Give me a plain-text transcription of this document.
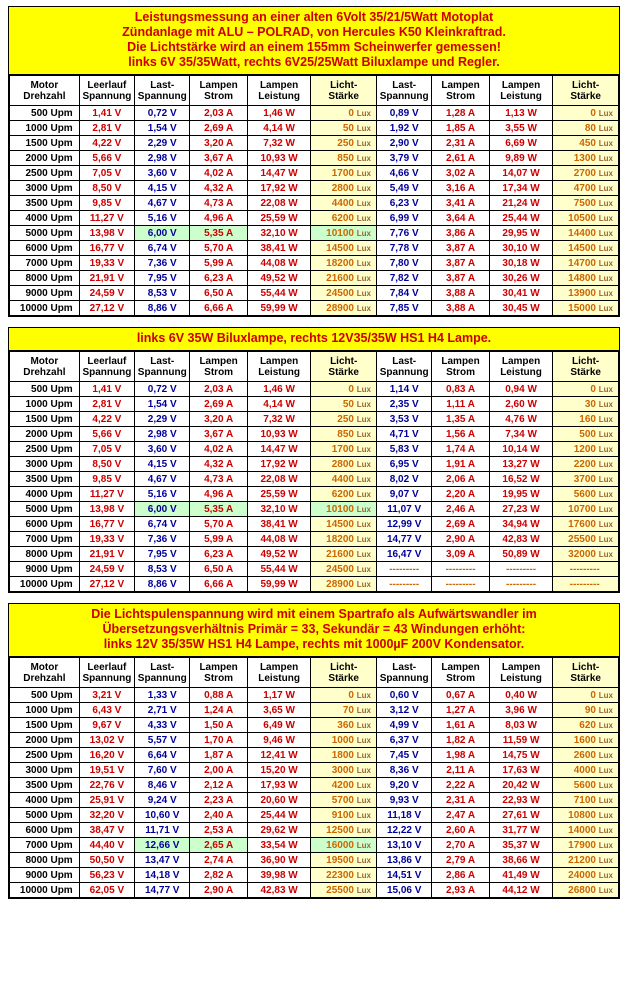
Leistungsmessung an einer alten 6Volt 35/21/5Watt Motoplat
Zündanlage mit ALU – POLRAD, von Hercules K50 Kleinkraftrad.
Die Lichtstärke wird an einem 155mm Scheinwerfer gemessen!
links 6V 35/35Watt, rechts 6V25/25Watt Biluxlampe und Regler.
Motor
Drehzahl

Leerlauf
Spannung

Last-
Spannung

Lampen
Strom

Lampen
Leistung

Licht-
Stärke

Last-
Spannung

Lampen
Strom

Lampen
Leistung

Licht-
Stärke

500 Upm	1,41 V	0,72 V	2,03 A	1,46 W	0 Lux	0,89 V	1,28 A	1,13 W	0 Lux
1000 Upm	2,81 V	1,54 V	2,69 A	4,14 W	50 Lux	1,92 V	1,85 A	3,55 W	80 Lux
1500 Upm	4,22 V	2,29 V	3,20 A	7,32 W	250 Lux	2,90 V	2,31 A	6,69 W	450 Lux
2000 Upm	5,66 V	2,98 V	3,67 A	10,93 W	850 Lux	3,79 V	2,61 A	9,89 W	1300 Lux
2500 Upm	7,05 V	3,60 V	4,02 A	14,47 W	1700 Lux	4,66 V	3,02 A	14,07 W	2700 Lux
3000 Upm	8,50 V	4,15 V	4,32 A	17,92 W	2800 Lux	5,49 V	3,16 A	17,34 W	4700 Lux
3500 Upm	9,85 V	4,67 V	4,73 A	22,08 W	4400 Lux	6,23 V	3,41 A	21,24 W	7500 Lux
4000 Upm	11,27 V	5,16 V	4,96 A	25,59 W	6200 Lux	6,99 V	3,64 A	25,44 W	10500 Lux
5000 Upm	13,98 V	6,00 V	5,35 A	32,10 W	10100 Lux	7,76 V	3,86 A	29,95 W	14400 Lux
6000 Upm	16,77 V	6,74 V	5,70 A	38,41 W	14500 Lux	7,78 V	3,87 A	30,10 W	14500 Lux
7000 Upm	19,33 V	7,36 V	5,99 A	44,08 W	18200 Lux	7,80 V	3,87 A	30,18 W	14700 Lux
8000 Upm	21,91 V	7,95 V	6,23 A	49,52 W	21600 Lux	7,82 V	3,87 A	30,26 W	14800 Lux
9000 Upm	24,59 V	8,53 V	6,50 A	55,44 W	24500 Lux	7,84 V	3,88 A	30,41 W	13900 Lux
10000 Upm	27,12 V	8,86 V	6,66 A	59,99 W	28900 Lux	7,85 V	3,88 A	30,45 W	15000 Lux
links 6V 35W Biluxlampe, rechts 12V35/35W HS1 H4 Lampe.
Motor
Drehzahl

Leerlauf
Spannung

Last-
Spannung

Lampen
Strom

Lampen
Leistung

Licht-
Stärke

Last-
Spannung

Lampen
Strom

Lampen
Leistung

Licht-
Stärke

500 Upm	1,41 V	0,72 V	2,03 A	1,46 W	0 Lux	1,14 V	0,83 A	0,94 W	0 Lux
1000 Upm	2,81 V	1,54 V	2,69 A	4,14 W	50 Lux	2,35 V	1,11 A	2,60 W	30 Lux
1500 Upm	4,22 V	2,29 V	3,20 A	7,32 W	250 Lux	3,53 V	1,35 A	4,76 W	160 Lux
2000 Upm	5,66 V	2,98 V	3,67 A	10,93 W	850 Lux	4,71 V	1,56 A	7,34 W	500 Lux
2500 Upm	7,05 V	3,60 V	4,02 A	14,47 W	1700 Lux	5,83 V	1,74 A	10,14 W	1200 Lux
3000 Upm	8,50 V	4,15 V	4,32 A	17,92 W	2800 Lux	6,95 V	1,91 A	13,27 W	2200 Lux
3500 Upm	9,85 V	4,67 V	4,73 A	22,08 W	4400 Lux	8,02 V	2,06 A	16,52 W	3700 Lux
4000 Upm	11,27 V	5,16 V	4,96 A	25,59 W	6200 Lux	9,07 V	2,20 A	19,95 W	5600 Lux
5000 Upm	13,98 V	6,00 V	5,35 A	32,10 W	10100 Lux	11,07 V	2,46 A	27,23 W	10700 Lux
6000 Upm	16,77 V	6,74 V	5,70 A	38,41 W	14500 Lux	12,99 V	2,69 A	34,94 W	17600 Lux
7000 Upm	19,33 V	7,36 V	5,99 A	44,08 W	18200 Lux	14,77 V	2,90 A	42,83 W	25500 Lux
8000 Upm	21,91 V	7,95 V	6,23 A	49,52 W	21600 Lux	16,47 V	3,09 A	50,89 W	32000 Lux
9000 Upm	24,59 V	8,53 V	6,50 A	55,44 W	24500 Lux	---------	---------	---------	---------
10000 Upm	27,12 V	8,86 V	6,66 A	59,99 W	28900 Lux	---------	---------	---------	---------
Die Lichtspulenspannung wird mit einem Spartrafo als Aufwärtswandler im
Übersetzungsverhältnis Primär = 33, Sekundär = 43 Windungen erhöht:
links 12V 35/35W HS1 H4 Lampe, rechts mit 1000µF 200V Kondensator.
Motor
Drehzahl

Leerlauf
Spannung

Last-
Spannung

Lampen
Strom

Lampen
Leistung

Licht-
Stärke

Last-
Spannung

Lampen
Strom

Lampen
Leistung

Licht-
Stärke

500 Upm	3,21 V	1,33 V	0,88 A	1,17 W	0 Lux	0,60 V	0,67 A	0,40 W	0 Lux
1000 Upm	6,43 V	2,71 V	1,24 A	3,65 W	70 Lux	3,12 V	1,27 A	3,96 W	90 Lux
1500 Upm	9,67 V	4,33 V	1,50 A	6,49 W	360 Lux	4,99 V	1,61 A	8,03 W	620 Lux
2000 Upm	13,02 V	5,57 V	1,70 A	9,46 W	1000 Lux	6,37 V	1,82 A	11,59 W	1600 Lux
2500 Upm	16,20 V	6,64 V	1,87 A	12,41 W	1800 Lux	7,45 V	1,98 A	14,75 W	2600 Lux
3000 Upm	19,51 V	7,60 V	2,00 A	15,20 W	3000 Lux	8,36 V	2,11 A	17,63 W	4000 Lux
3500 Upm	22,76 V	8,46 V	2,12 A	17,93 W	4200 Lux	9,20 V	2,22 A	20,42 W	5600 Lux
4000 Upm	25,91 V	9,24 V	2,23 A	20,60 W	5700 Lux	9,93 V	2,31 A	22,93 W	7100 Lux
5000 Upm	32,20 V	10,60 V	2,40 A	25,44 W	9100 Lux	11,18 V	2,47 A	27,61 W	10800 Lux
6000 Upm	38,47 V	11,71 V	2,53 A	29,62 W	12500 Lux	12,22 V	2,60 A	31,77 W	14000 Lux
7000 Upm	44,40 V	12,66 V	2,65 A	33,54 W	16000 Lux	13,10 V	2,70 A	35,37 W	17900 Lux
8000 Upm	50,50 V	13,47 V	2,74 A	36,90 W	19500 Lux	13,86 V	2,79 A	38,66 W	21200 Lux
9000 Upm	56,23 V	14,18 V	2,82 A	39,98 W	22300 Lux	14,51 V	2,86 A	41,49 W	24000 Lux
10000 Upm	62,05 V	14,77 V	2,90 A	42,83 W	25500 Lux	15,06 V	2,93 A	44,12 W	26800 Lux
